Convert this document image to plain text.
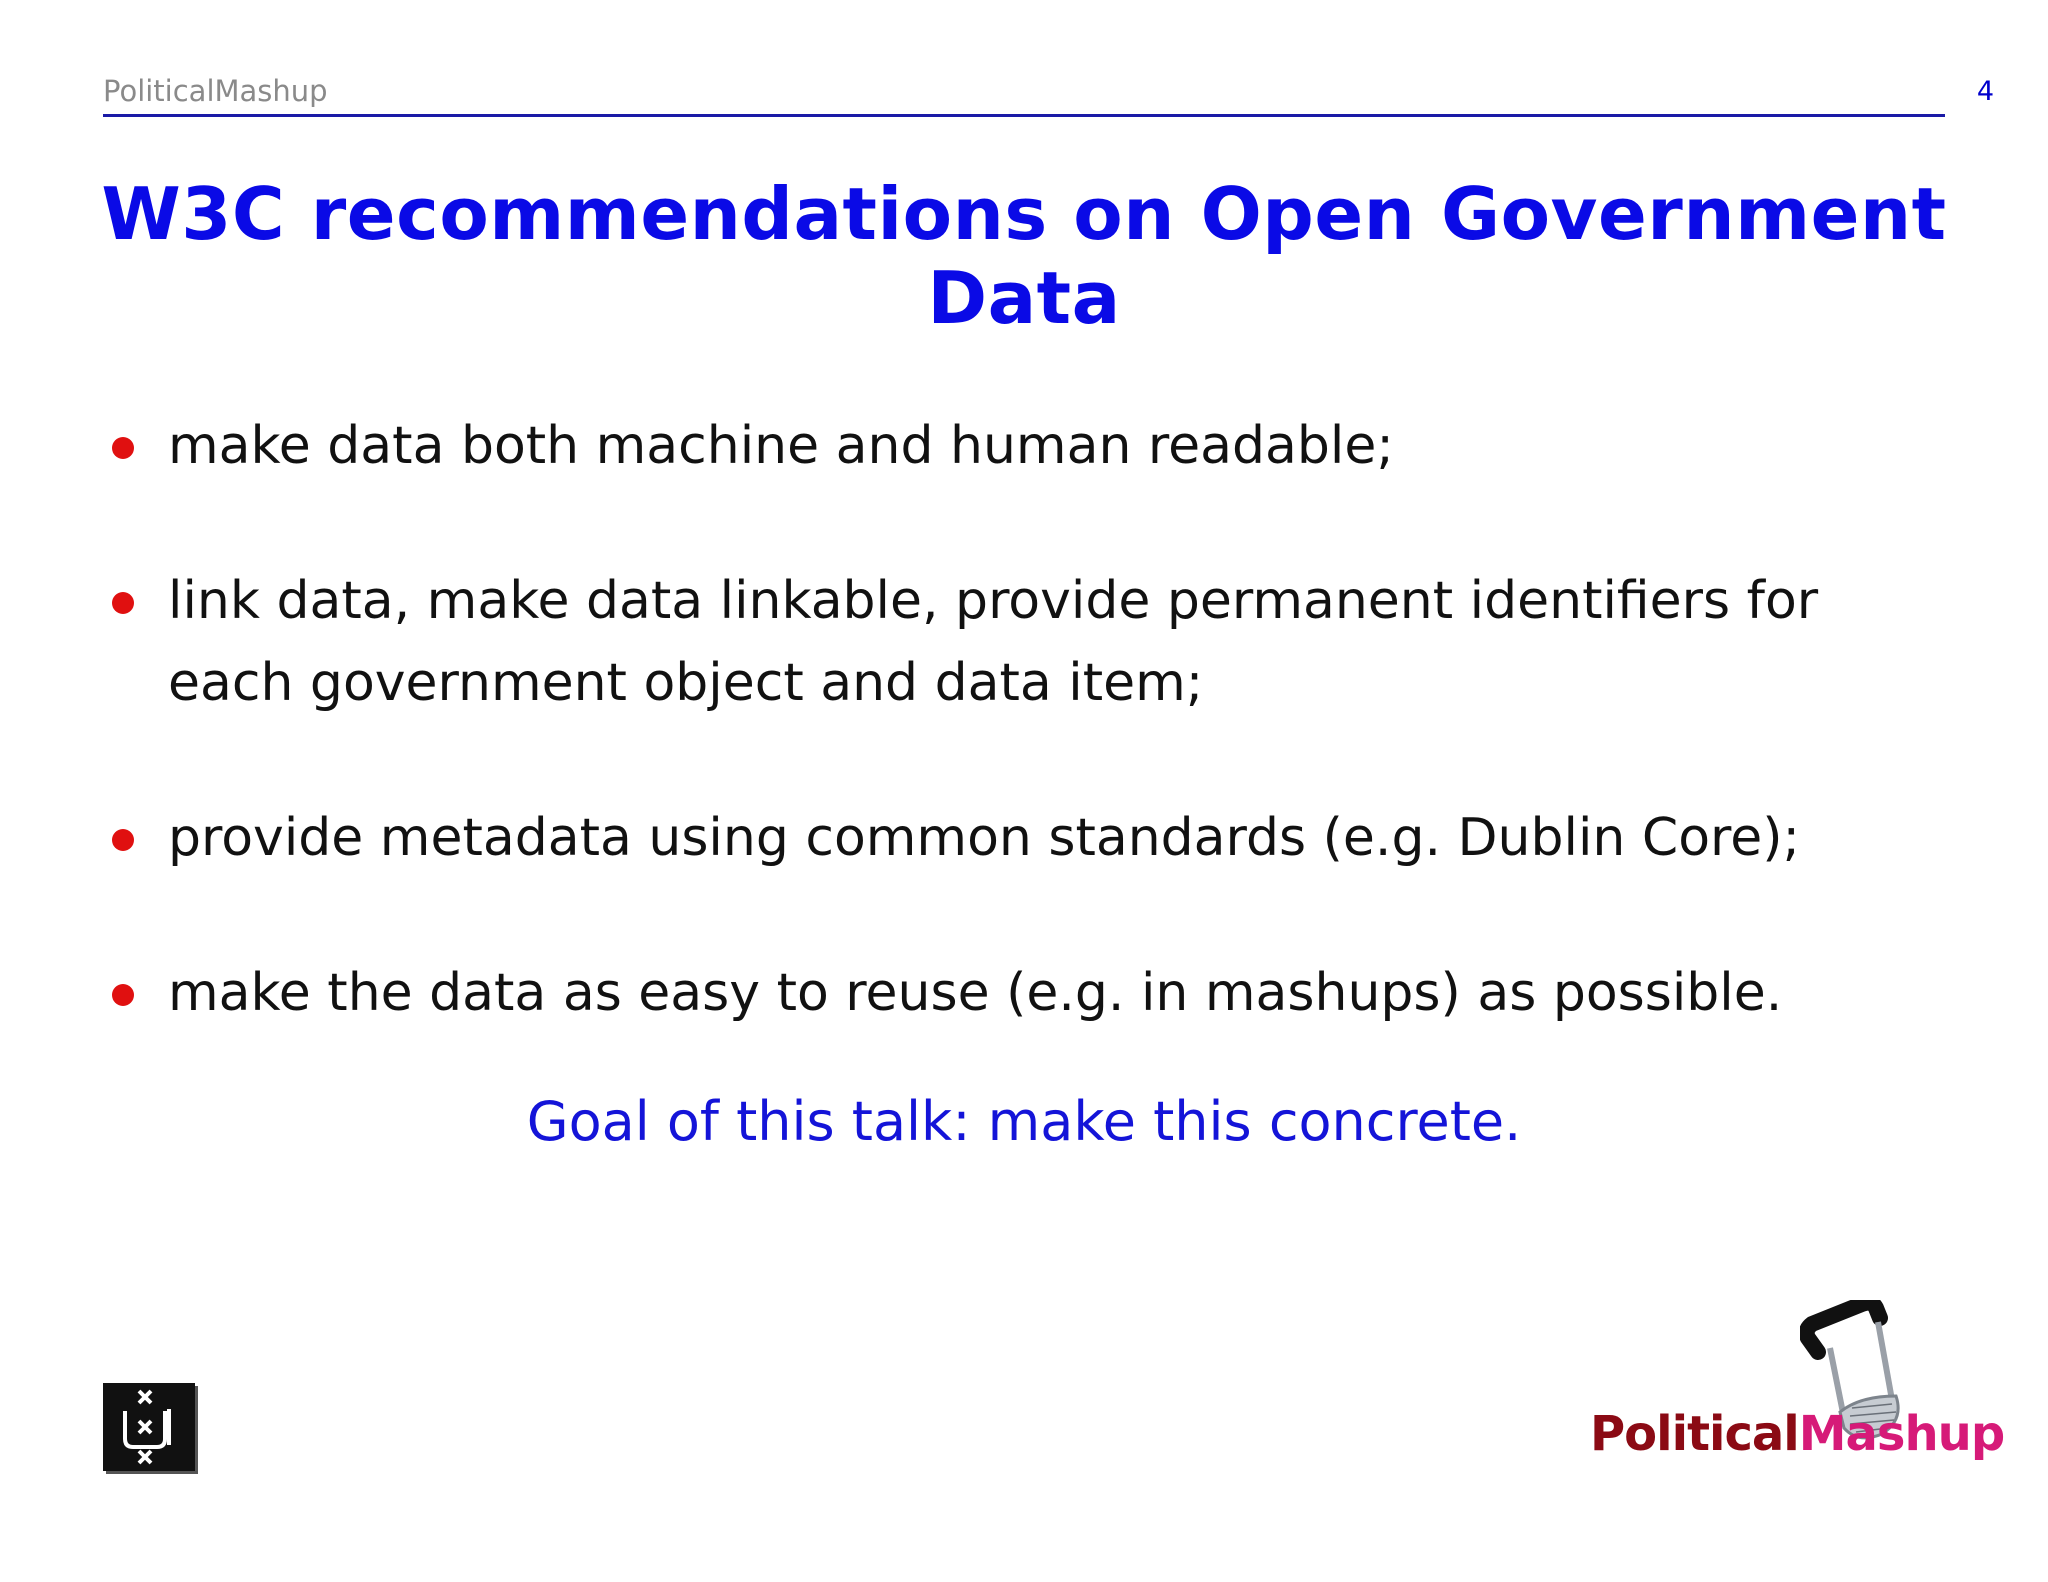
PoliticalMashup	4
W3C recommendations on Open Government Data
make data both machine and human readable;
link data, make data linkable, provide permanent identifiers for each government object and data item;
provide metadata using common standards (e.g. Dublin Core);
make the data as easy to reuse (e.g. in mashups) as possible.
Goal of this talk: make this concrete.
PoliticalMashup
